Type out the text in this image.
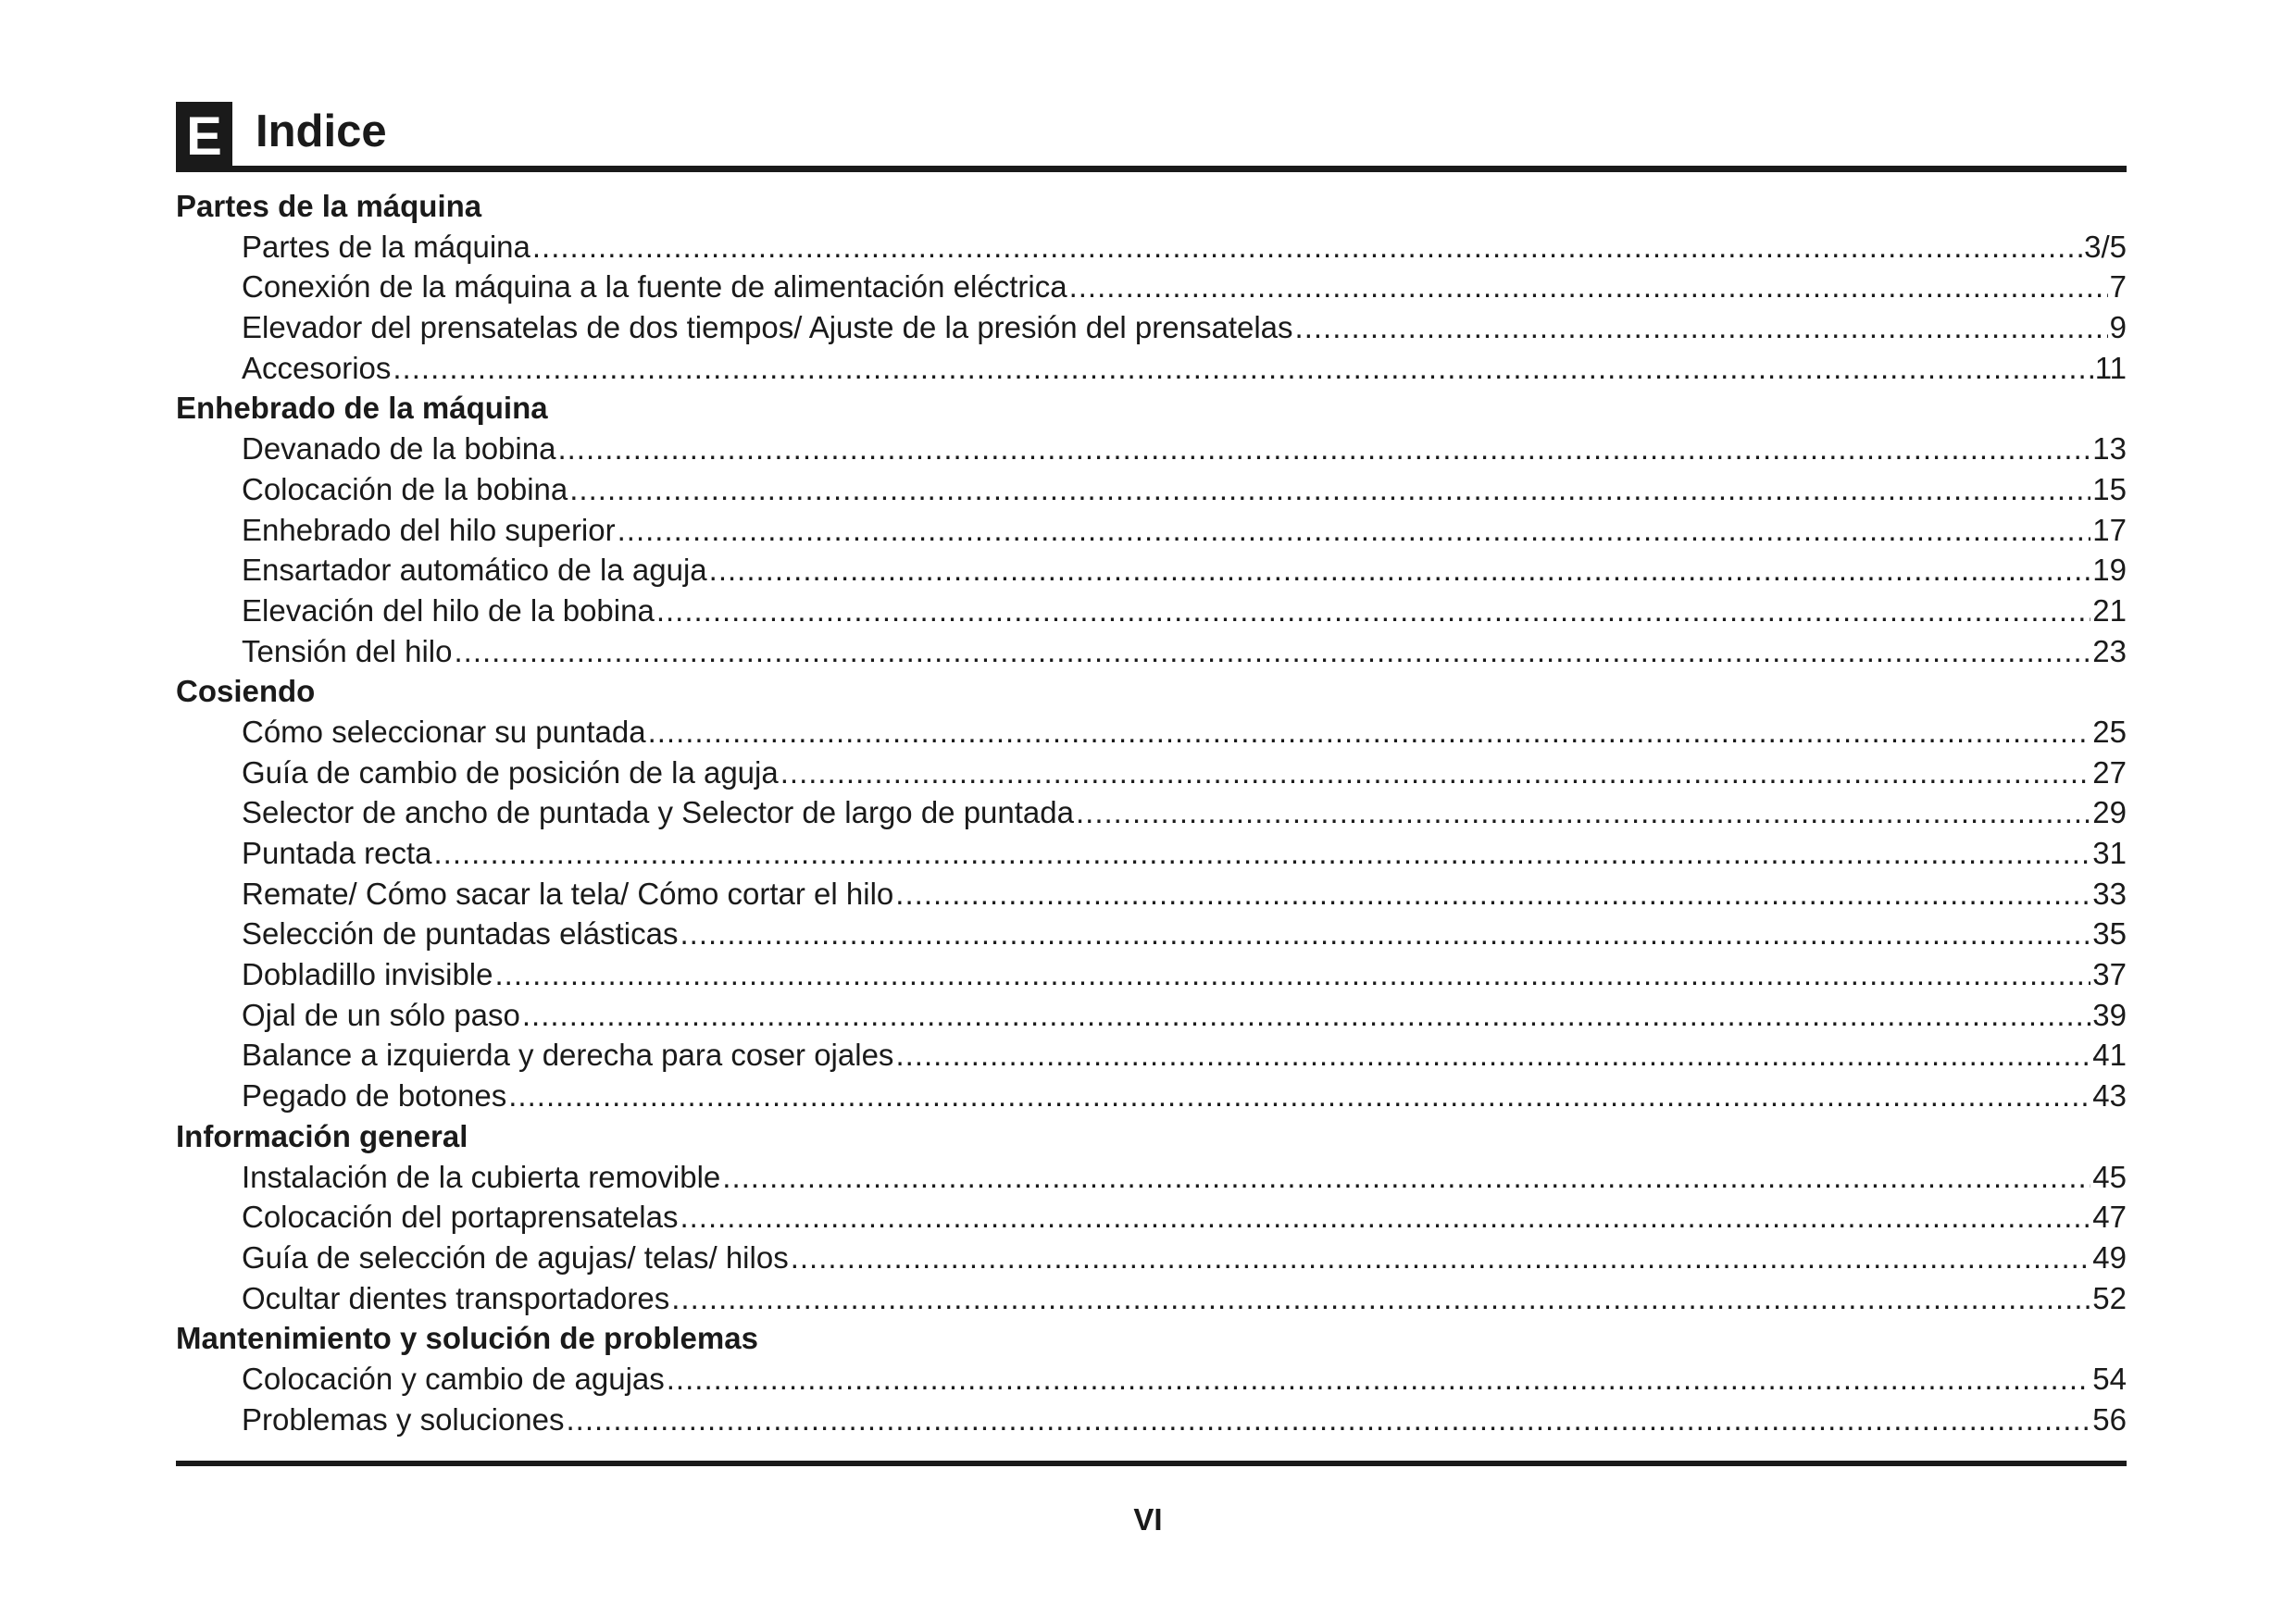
E Indice
Partes de la máquina
Partes de la máquina .....	3/5
Conexión de la máquina a la fuente de alimentación eléctrica .....	7
Elevador del prensatelas de dos tiempos/ Ajuste de la presión del prensatelas .....	9
Accesorios .....	11
Enhebrado de la máquina
Devanado de la bobina .....	13
Colocación de la bobina .....	15
Enhebrado del hilo superior .....	17
Ensartador automático de la aguja .....	19
Elevación del hilo de la bobina .....	21
Tensión del hilo .....	23
Cosiendo
Cómo seleccionar su puntada .....	25
Guía de cambio de posición de la aguja .....	27
Selector de ancho de puntada y Selector de largo de puntada .....	29
Puntada recta .....	31
Remate/ Cómo sacar la tela/ Cómo cortar el hilo .....	33
Selección de puntadas elásticas .....	35
Dobladillo invisible .....	37
Ojal de un sólo paso .....	39
Balance a izquierda y derecha para coser ojales .....	41
Pegado de botones .....	43
Información general
Instalación de la cubierta removible .....	45
Colocación del portaprensatelas .....	47
Guía de selección de agujas/ telas/ hilos .....	49
Ocultar dientes transportadores .....	52
Mantenimiento y solución de problemas
Colocación y cambio de agujas .....	54
Problemas y soluciones .....	56
VI
